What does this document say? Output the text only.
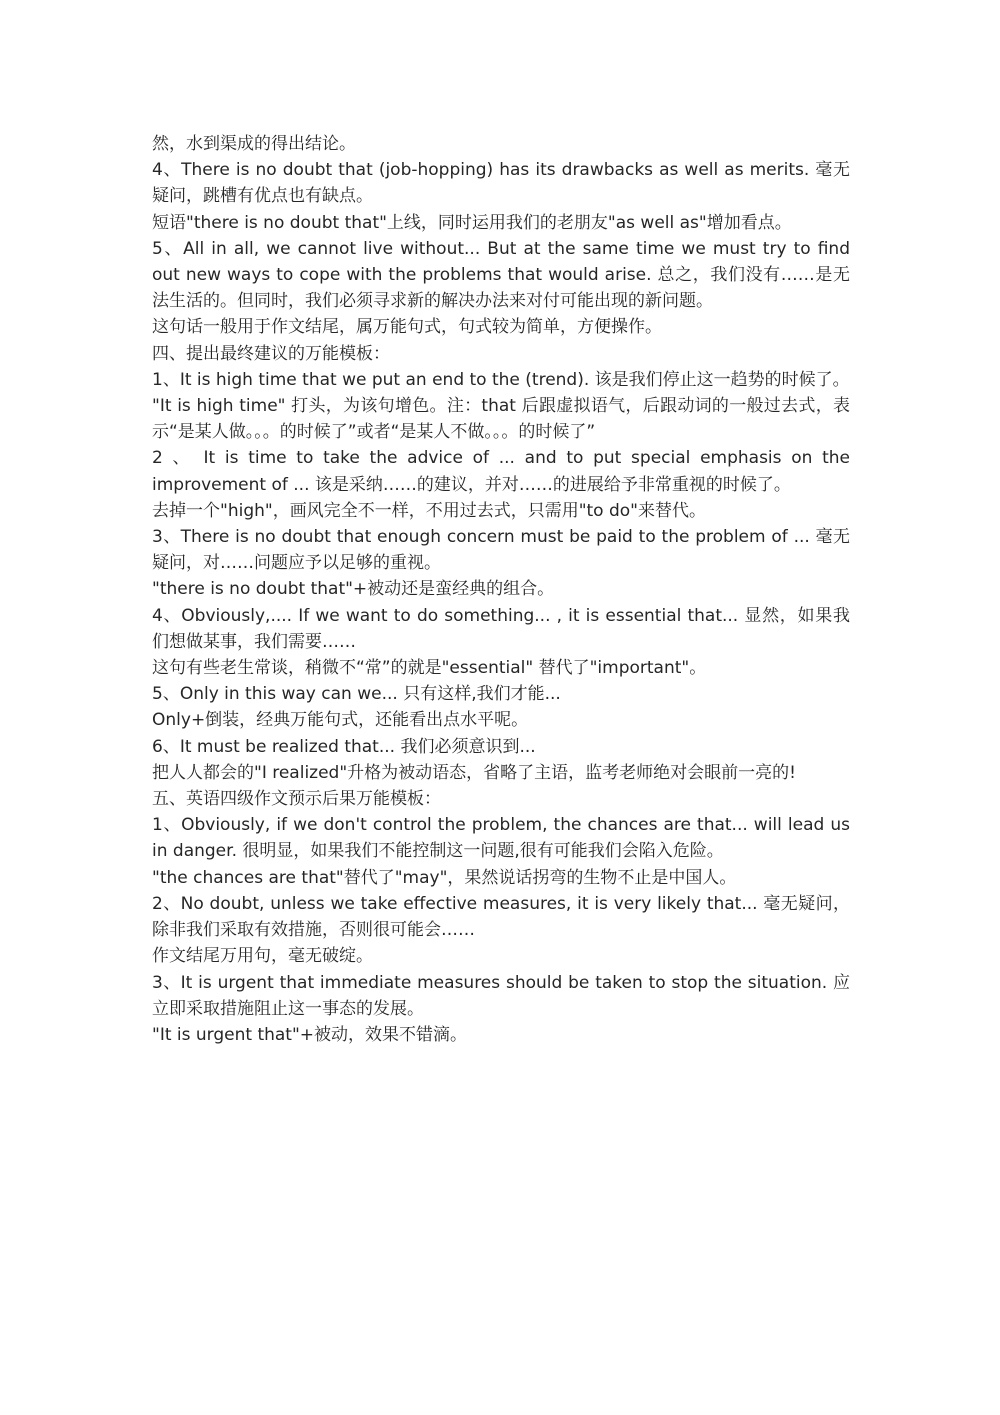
然，水到渠成的得出结论。

4、There is no doubt that (job-hopping) has its drawbacks as well as merits. 毫无疑问，跳槽有优点也有缺点。

短语"there is no doubt that"上线，同时运用我们的老朋友"as well as"增加看点。

5、All in all, we cannot live without... But at the same time we must try to find out new ways to cope with the problems that would arise. 总之，我们没有……是无法生活的。但同时，我们必须寻求新的解决办法来对付可能出现的新问题。

这句话一般用于作文结尾，属万能句式，句式较为简单，方便操作。

四、提出最终建议的万能模板：

1、It is high time that we put an end to the (trend). 该是我们停止这一趋势的时候了。

"It is high time" 打头，为该句增色。注：that 后跟虚拟语气，后跟动词的一般过去式，表示“是某人做。。。的时候了”或者“是某人不做。。。的时候了”

2 、 It is time to take the advice of ... and to put special emphasis on the improvement of ... 该是采纳……的建议，并对……的进展给予非常重视的时候了。

去掉一个"high"，画风完全不一样，不用过去式，只需用"to do"来替代。

3、There is no doubt that enough concern must be paid to the problem of ... 毫无疑问，对……问题应予以足够的重视。

"there is no doubt that"+被动还是蛮经典的组合。

4、Obviously,.... If we want to do something... , it is essential that... 显然，如果我们想做某事，我们需要……

这句有些老生常谈，稍微不“常”的就是"essential" 替代了"important"。

5、Only in this way can we... 只有这样,我们才能...

Only+倒装，经典万能句式，还能看出点水平呢。

6、It must be realized that... 我们必须意识到...

把人人都会的"I realized"升格为被动语态，省略了主语，监考老师绝对会眼前一亮的!

五、英语四级作文预示后果万能模板：

1、Obviously, if we don't control the problem, the chances are that... will lead us in danger. 很明显，如果我们不能控制这一问题,很有可能我们会陷入危险。

"the chances are that"替代了"may"，果然说话拐弯的生物不止是中国人。

2、No doubt, unless we take effective measures, it is very likely that... 毫无疑问，除非我们采取有效措施，否则很可能会……

作文结尾万用句，毫无破绽。

3、It is urgent that immediate measures should be taken to stop the situation. 应立即采取措施阻止这一事态的发展。

"It is urgent that"+被动，效果不错滴。
